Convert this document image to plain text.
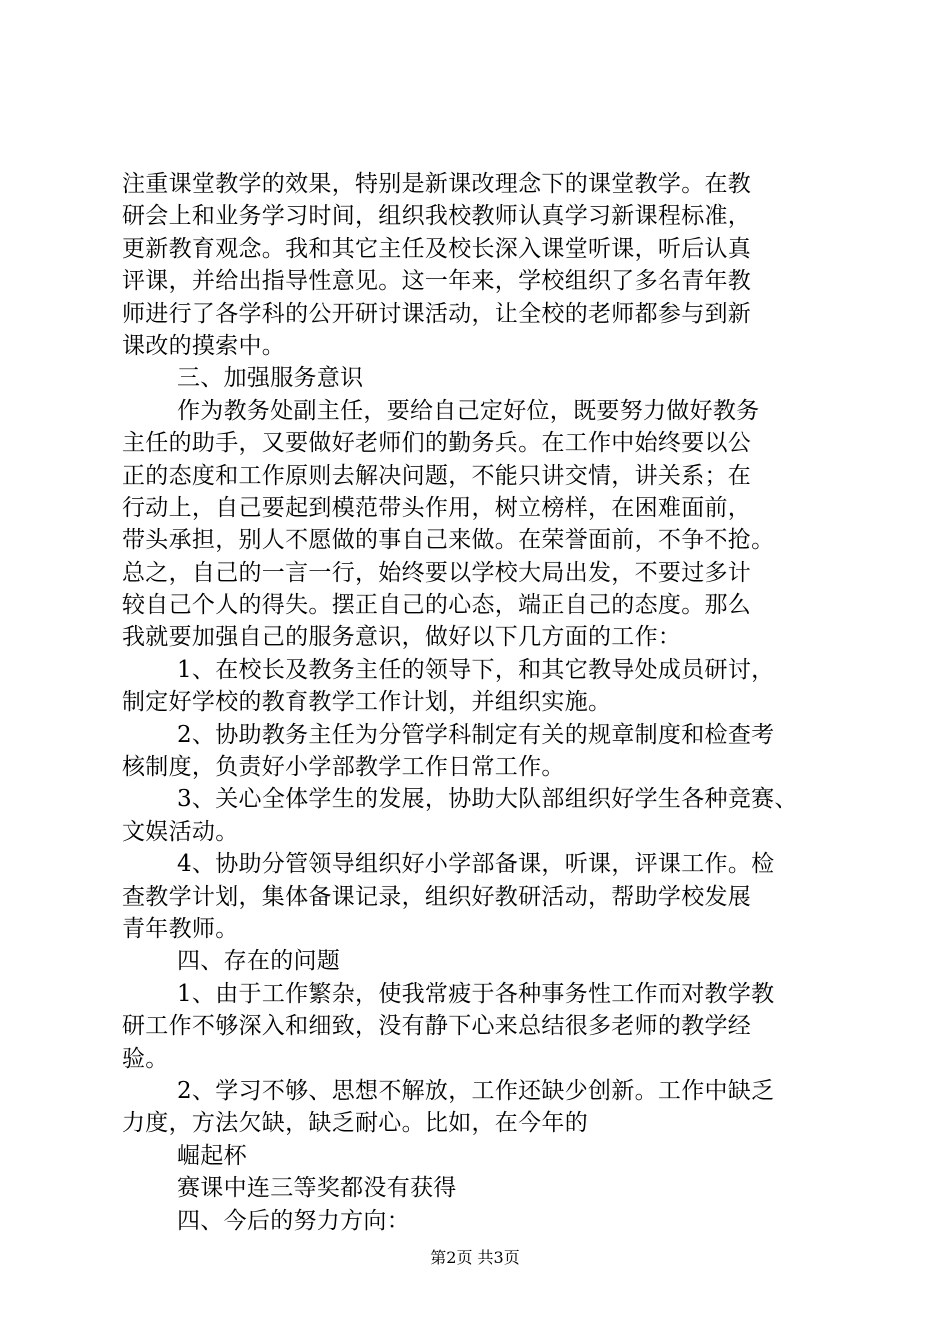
注重课堂教学的效果，特别是新课改理念下的课堂教学。在教
研会上和业务学习时间，组织我校教师认真学习新课程标准，
更新教育观念。我和其它主任及校长深入课堂听课，听后认真
评课，并给出指导性意见。这一年来，学校组织了多名青年教
师进行了各学科的公开研讨课活动，让全校的老师都参与到新
课改的摸索中。
三、加强服务意识
作为教务处副主任，要给自己定好位，既要努力做好教务
主任的助手，又要做好老师们的勤务兵。在工作中始终要以公
正的态度和工作原则去解决问题，不能只讲交情，讲关系；在
行动上，自己要起到模范带头作用，树立榜样，在困难面前，
带头承担，别人不愿做的事自己来做。在荣誉面前，不争不抢。
总之，自己的一言一行，始终要以学校大局出发，不要过多计
较自己个人的得失。摆正自己的心态，端正自己的态度。那么
我就要加强自己的服务意识，做好以下几方面的工作：
1、在校长及教务主任的领导下，和其它教导处成员研讨，
制定好学校的教育教学工作计划，并组织实施。
2、协助教务主任为分管学科制定有关的规章制度和检查考
核制度，负责好小学部教学工作日常工作。
3、关心全体学生的发展，协助大队部组织好学生各种竞赛、
文娱活动。
4、协助分管领导组织好小学部备课，听课，评课工作。检
查教学计划，集体备课记录，组织好教研活动，帮助学校发展
青年教师。
四、存在的问题
1、由于工作繁杂，使我常疲于各种事务性工作而对教学教
研工作不够深入和细致，没有静下心来总结很多老师的教学经
验。
2、学习不够、思想不解放，工作还缺少创新。工作中缺乏
力度，方法欠缺，缺乏耐心。比如，在今年的
崛起杯
赛课中连三等奖都没有获得
四、今后的努力方向：
第2页 共3页
